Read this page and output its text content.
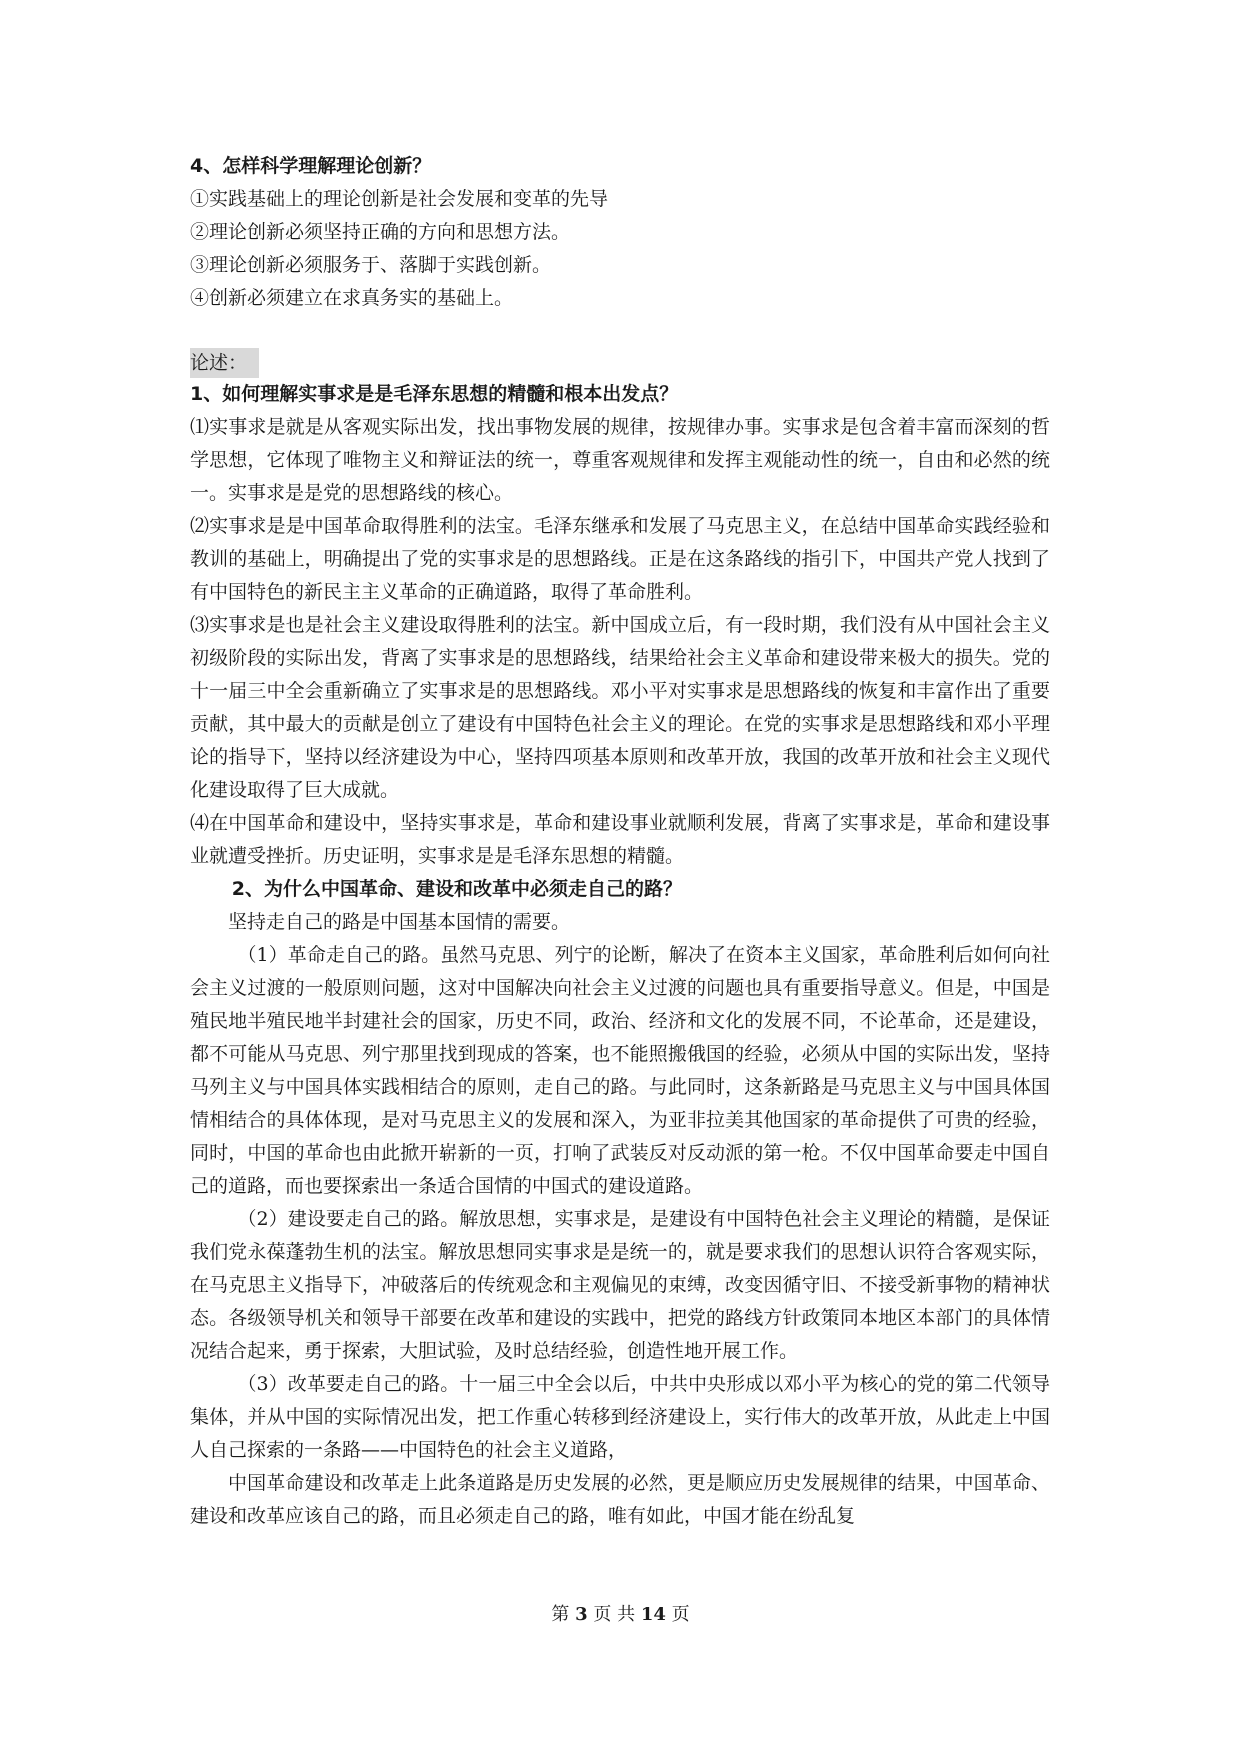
4、怎样科学理解理论创新？

①实践基础上的理论创新是社会发展和变革的先导

②理论创新必须坚持正确的方向和思想方法。

③理论创新必须服务于、落脚于实践创新。

④创新必须建立在求真务实的基础上。

论述：

1、如何理解实事求是是毛泽东思想的精髓和根本出发点？

⑴实事求是就是从客观实际出发，找出事物发展的规律，按规律办事。实事求是包含着丰富而深刻的哲学思想，它体现了唯物主义和辩证法的统一，尊重客观规律和发挥主观能动性的统一，自由和必然的统一。实事求是是党的思想路线的核心。

⑵实事求是是中国革命取得胜利的法宝。毛泽东继承和发展了马克思主义，在总结中国革命实践经验和教训的基础上，明确提出了党的实事求是的思想路线。正是在这条路线的指引下，中国共产党人找到了有中国特色的新民主主义革命的正确道路，取得了革命胜利。

⑶实事求是也是社会主义建设取得胜利的法宝。新中国成立后，有一段时期，我们没有从中国社会主义初级阶段的实际出发，背离了实事求是的思想路线，结果给社会主义革命和建设带来极大的损失。党的十一届三中全会重新确立了实事求是的思想路线。邓小平对实事求是思想路线的恢复和丰富作出了重要贡献，其中最大的贡献是创立了建设有中国特色社会主义的理论。在党的实事求是思想路线和邓小平理论的指导下，坚持以经济建设为中心，坚持四项基本原则和改革开放，我国的改革开放和社会主义现代化建设取得了巨大成就。

⑷在中国革命和建设中，坚持实事求是，革命和建设事业就顺利发展，背离了实事求是，革命和建设事业就遭受挫折。历史证明，实事求是是毛泽东思想的精髓。

2、为什么中国革命、建设和改革中必须走自己的路？

坚持走自己的路是中国基本国情的需要。

（1）革命走自己的路。虽然马克思、列宁的论断，解决了在资本主义国家，革命胜利后如何向社会主义过渡的一般原则问题，这对中国解决向社会主义过渡的问题也具有重要指导意义。但是，中国是殖民地半殖民地半封建社会的国家，历史不同，政治、经济和文化的发展不同，不论革命，还是建设，都不可能从马克思、列宁那里找到现成的答案，也不能照搬俄国的经验，必须从中国的实际出发，坚持马列主义与中国具体实践相结合的原则，走自己的路。与此同时，这条新路是马克思主义与中国具体国情相结合的具体体现，是对马克思主义的发展和深入，为亚非拉美其他国家的革命提供了可贵的经验，同时，中国的革命也由此掀开崭新的一页，打响了武装反对反动派的第一枪。不仅中国革命要走中国自己的道路，而也要探索出一条适合国情的中国式的建设道路。

（2）建设要走自己的路。解放思想，实事求是，是建设有中国特色社会主义理论的精髓，是保证我们党永葆蓬勃生机的法宝。解放思想同实事求是是统一的，就是要求我们的思想认识符合客观实际，在马克思主义指导下，冲破落后的传统观念和主观偏见的束缚，改变因循守旧、不接受新事物的精神状态。各级领导机关和领导干部要在改革和建设的实践中，把党的路线方针政策同本地区本部门的具体情况结合起来，勇于探索，大胆试验，及时总结经验，创造性地开展工作。

（3）改革要走自己的路。十一届三中全会以后，中共中央形成以邓小平为核心的党的第二代领导集体，并从中国的实际情况出发，把工作重心转移到经济建设上，实行伟大的改革开放，从此走上中国人自己探索的一条路——中国特色的社会主义道路，

中国革命建设和改革走上此条道路是历史发展的必然，更是顺应历史发展规律的结果，中国革命、建设和改革应该自己的路，而且必须走自己的路，唯有如此，中国才能在纷乱复

第 3 页 共 14 页
